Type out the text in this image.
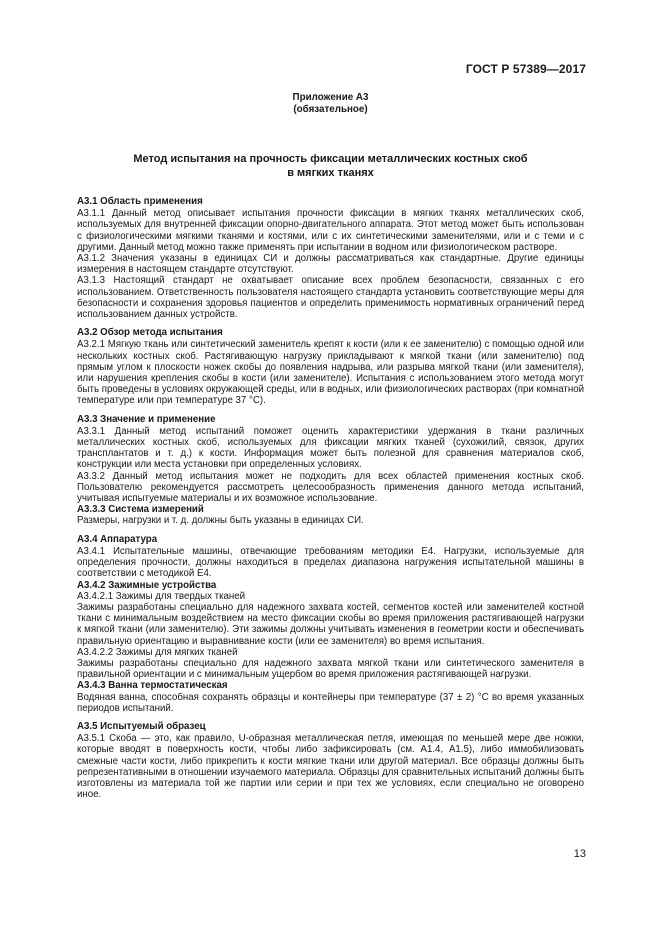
ГОСТ Р 57389—2017
Приложение А3
(обязательное)
Метод испытания на прочность фиксации металлических костных скоб
в мягких тканях
А3.1 Область применения

А3.1.1 Данный метод описывает испытания прочности фиксации в мягких тканях металлических скоб, используемых для внутренней фиксации опорно-двигательного аппарата. Этот метод может быть использован с физиологическими мягкими тканями и костями, или с их синтетическими заменителями, или и с теми и с другими. Данный метод можно также применять при испытании в водном или физиологическом растворе.

А3.1.2 Значения указаны в единицах СИ и должны рассматриваться как стандартные. Другие единицы измерения в настоящем стандарте отсутствуют.

А3.1.3 Настоящий стандарт не охватывает описание всех проблем безопасности, связанных с его использованием. Ответственность пользователя настоящего стандарта установить соответствующие меры для безопасности и сохранения здоровья пациентов и определить применимость нормативных ограничений перед использованием данных устройств.

А3.2 Обзор метода испытания

А3.2.1 Мягкую ткань или синтетический заменитель крепят к кости (или к ее заменителю) с помощью одной или нескольких костных скоб. Растягивающую нагрузку прикладывают к мягкой ткани (или заменителю) под прямым углом к плоскости ножек скобы до появления надрыва, или разрыва мягкой ткани (или заменителя), или нарушения крепления скобы в кости (или заменителе). Испытания с использованием этого метода могут быть проведены в условиях окружающей среды, или в водных, или физиологических растворах (при комнатной температуре или при температуре 37 °С).

А3.3 Значение и применение

А3.3.1 Данный метод испытаний поможет оценить характеристики удержания в ткани различных металлических костных скоб, используемых для фиксации мягких тканей (сухожилий, связок, других трансплантатов и т. д.) к кости. Информация может быть полезной для сравнения материалов скоб, конструкции или места установки при определенных условиях.

А3.3.2 Данный метод испытания может не подходить для всех областей применения костных скоб. Пользователю рекомендуется рассмотреть целесообразность применения данного метода испытаний, учитывая испытуемые материалы и их возможное использование.

А3.3.3 Система измерений

Размеры, нагрузки и т. д. должны быть указаны в единицах СИ.

А3.4 Аппаратура

А3.4.1 Испытательные машины, отвечающие требованиям методики Е4. Нагрузки, используемые для определения прочности, должны находиться в пределах диапазона нагружения испытательной машины в соответствии с методикой Е4.

А3.4.2 Зажимные устройства
А3.4.2.1 Зажимы для твердых тканей

Зажимы разработаны специально для надежного захвата костей, сегментов костей или заменителей костной ткани с минимальным воздействием на место фиксации скобы во время приложения растягивающей нагрузки к мягкой ткани (или заменителю). Эти зажимы должны учитывать изменения в геометрии кости и обеспечивать правильную ориентацию и выравнивание кости (или ее заменителя) во время испытания.

А3.4.2.2 Зажимы для мягких тканей

Зажимы разработаны специально для надежного захвата мягкой ткани или синтетического заменителя в правильной ориентации и с минимальным ущербом во время приложения растягивающей нагрузки.

А3.4.3 Ванна термостатическая

Водяная ванна, способная сохранять образцы и контейнеры при температуре (37 ± 2) °С во время указанных периодов испытаний.

А3.5 Испытуемый образец

А3.5.1 Скоба — это, как правило, U-образная металлическая петля, имеющая по меньшей мере две ножки, которые вводят в поверхность кости, чтобы либо зафиксировать (см. А1.4, А1.5), либо иммобилизовать смежные части кости, либо прикрепить к кости мягкие ткани или другой материал. Все образцы должны быть репрезентативными в отношении изучаемого материала. Образцы для сравнительных испытаний должны быть изготовлены из материала той же партии или серии и при тех же условиях, если специально не оговорено иное.

13
